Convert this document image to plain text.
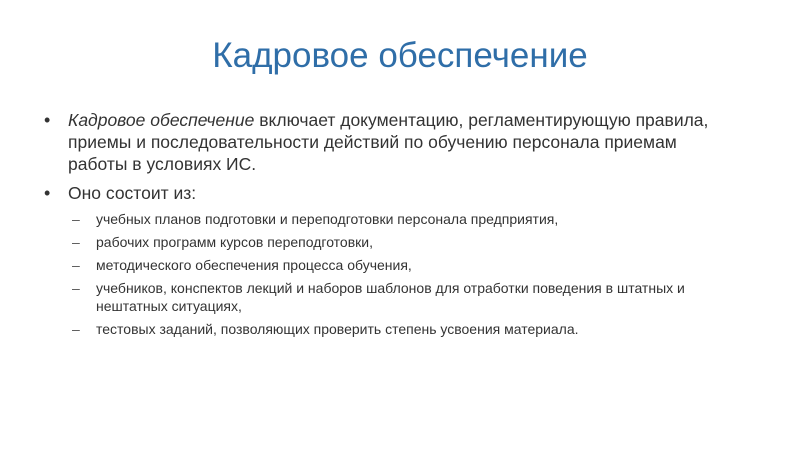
Кадровое обеспечение
• Кадровое обеспечение включает документацию, регламентирующую правила, приемы и последовательности действий по обучению персонала приемам работы в условиях ИС.
• Оно состоит из:
– учебных планов подготовки и переподготовки персонала предприятия,
– рабочих программ курсов переподготовки,
– методического обеспечения процесса обучения,
– учебников, конспектов лекций и наборов шаблонов для отработки поведения в штатных и нештатных ситуациях,
– тестовых заданий, позволяющих проверить степень усвоения материала.
